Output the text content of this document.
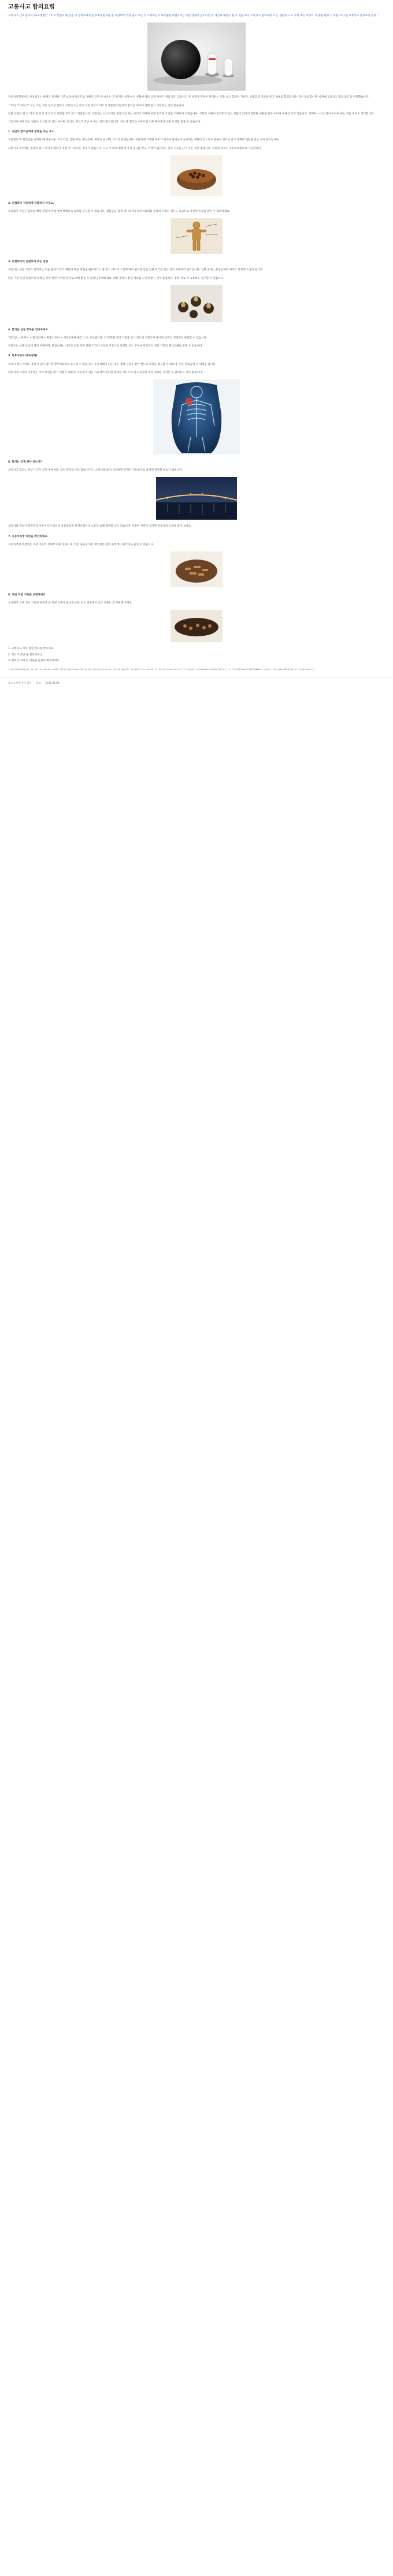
고통사고 합의요령
교통사고 난후 합의서 (교보생명) "그러고 봉험료 왜 갑봉 이 양려보내지 전부에서 환자들 중 이형보라 가장 덜고 모든 것 고치하는지 의약물원 뚝떨어지는 이런 상황이 일어나면 이 개인의 해결도 될 수 있습니다. 교통사고 합의요령 오 는 생활속 크고 작게 혹은 보상이 지 출발 편하 기 바랍니다 (전 교통사고 합의요령 정리 ."
자동차보험에서의 보상정도는 판례도 일정한 기준 보상에 따르므로 정해진 금액 이 나오는 것 같지만 실제 여러 상황에 따라 금액 차이가 생깁니다. 교통사고 후 보험사 직원이 처리하는 것을 보고 합의하 기보다, 보험금의 기준을 알고 제대로 합의를 하는 것이 중요합니다. 아래에 교통사고 합의요령 을 정리했습니다.
그러나 "약자라고" 오는 가는 것이 인지상 합의도 교통사고는 서로 가진 정보가 다르기 때문에 보험사의 합의금 제시에 대해 알고 대처하는 것이 좋습니다.
일반 사람은 평 인 어서 한 통의 사고 처리 과정을 모두 알기 어렵습니다. 보험사는 사고처리를 전문으로 하는 곳이라 피해자 측에 유리한 조언을 기대하기 어렵습니다. 보험사 직원이 알려주지 않는 것들이 있어서 정확한 내용을 알아 두어야 손해를 보지 않습니다. 피해자 스스로 알아 두어야 하는 것들 위주로 정리합니다.
그동시칭 해야 하는 일들은 치료를 잘 받는 것이며, 합의는 치료가 끝난 후 하는 것이 원칙입니다. 치료 중 합의를 서두르면 이후 후유증에 대한 보상을 받을 수 없습니다.
1. 진단서 합의금액에 영향을 주는 요소
보험회사 측 합의금을 산정할 때 과실비율, 치료기간, 입원 여부, 휴업손해, 위자료 등 여러 요소가 반영됩니다. 진단서에 기재된 주수가 길수록 합의금이 높아지는 경향이 있으므로 충분한 진료를 받고 정확한 진단을 받는 것이 중요합니다.
교통사고 직후에는 통증이 잘 느껴지지 않다가 며칠 후 나타나는 경우가 많습니다. 사고 후 바로 병원에 가서 검사를 받고, 이상이 없더라도 진료 기록을 남겨 두는 것이 좋습니다. 한의원 치료도 자동차보험으로 가능합니다.
2. 보험회사 직원에게 당황하지 마세요.
보험회사 직원은 합의를 빨리 끝내기 위해 여러 방법으로 합의를 유도할 수 있습니다. 합의금을 적게 제시하거나 향후치료비를 언급하지 않는 경우도 있으므로 충분히 치료를 받은 후 합의하세요.
3. 보험회사에 입원하게 하는 방법
보험사는 입원 기간이 길어지는 것을 원하지 않기 때문에 빠른 퇴원을 권유하기도 합니다. 의사의 소견에 따라 필요한 만큼 입원 치료를 받는 것이 피해자의 권리입니다. 입원 중에는 휴업손해와 위자료 산정에 도움이 됩니다.
입원 기간 동안 외출이나 외박을 자주 하면 나이롱 환자로 오해 받을 수 있으니 주의하세요. 퇴원 후에도 통원 치료를 꾸준히 받는 것이 좋습니다. 통원 치료 시 교통비도 청구할 수 있습니다.
4. 합의금 산정 항목을 알아두세요.
"합의금 = 위자료 + 휴업손해 + 향후치료비 + 기타손해배상금" 으로 구성됩니다. 각 항목별 산정 기준을 알고 있으면 보험사가 제시한 금액이 적정한지 판단할 수 있습니다.
위자료는 상해 등급에 따라 정해지며, 휴업손해는 사고로 일을 하지 못한 기간의 소득을 기준으로 계산합니다. 주부나 무직자도 일정 기준의 휴업손해를 받을 수 있습니다.
5. 향후치료비(후유장해)
치료가 끝난 후에도 통증이 남아 있다면 향후치료비를 요구할 수 있습니다. 후유장해가 남는 경우 장해 진단을 받아 별도로 보상을 청구할 수 있으며, 이는 합의금에 큰 영향을 줍니다.
합의서에 서명한 이후에는 추가 보상을 받기 어렵기 때문에, 후유증이 남을 가능성이 있다면 합의를 서두르지 말고 충분히 치료 경과를 지켜본 후 합의하는 것이 좋습니다.
6. 합의는 언제 해야 하는가?
교통사고 합의는 치료가 모두 끝난 후에 하는 것이 원칙입니다. 합의 시기는 소멸시효(3년) 이내라면 언제든 가능하므로 급하게 결정할 필요가 없습니다.
보험사와 합의가 원만하게 이루어지지 않으면 금융감독원 분쟁조정이나 소송을 통해 해결할 수도 있습니다. 억울한 부분이 있다면 전문가의 도움을 받아 보세요.
7. 자동차보험 약관을 확인하세요.
자동차보험 약관에는 보상 기준이 상세히 나와 있습니다. 약관 내용을 미리 확인하면 합의 과정에서 불이익을 줄일 수 있습니다.
8. 진단 처방 기록을 보관하세요.
보상협상 시에 진료 기록과 영수증 등 증빙 서류가 필요합니다. 치료 과정에서 받은 서류는 잘 보관해 두세요.
1. 교통사고 직후 병원 진료를 받으세요.
2. 치료가 끝난 후 합의하세요.
3. 합의서 서명 전 내용을 꼼꼼히 확인하세요.
(function(d){var js,id='facebook-jssdk';if(d.getElementById(id)){return;}js=d.createElement('script');js.id=id;js.async=true;js.src='//connect.facebook.net/ko_KR/all.js';d.getElementsByTagName('head')[0].appendChild(js);}(document));
블로그 이웃 추가 하기 공감 2013.02.08
